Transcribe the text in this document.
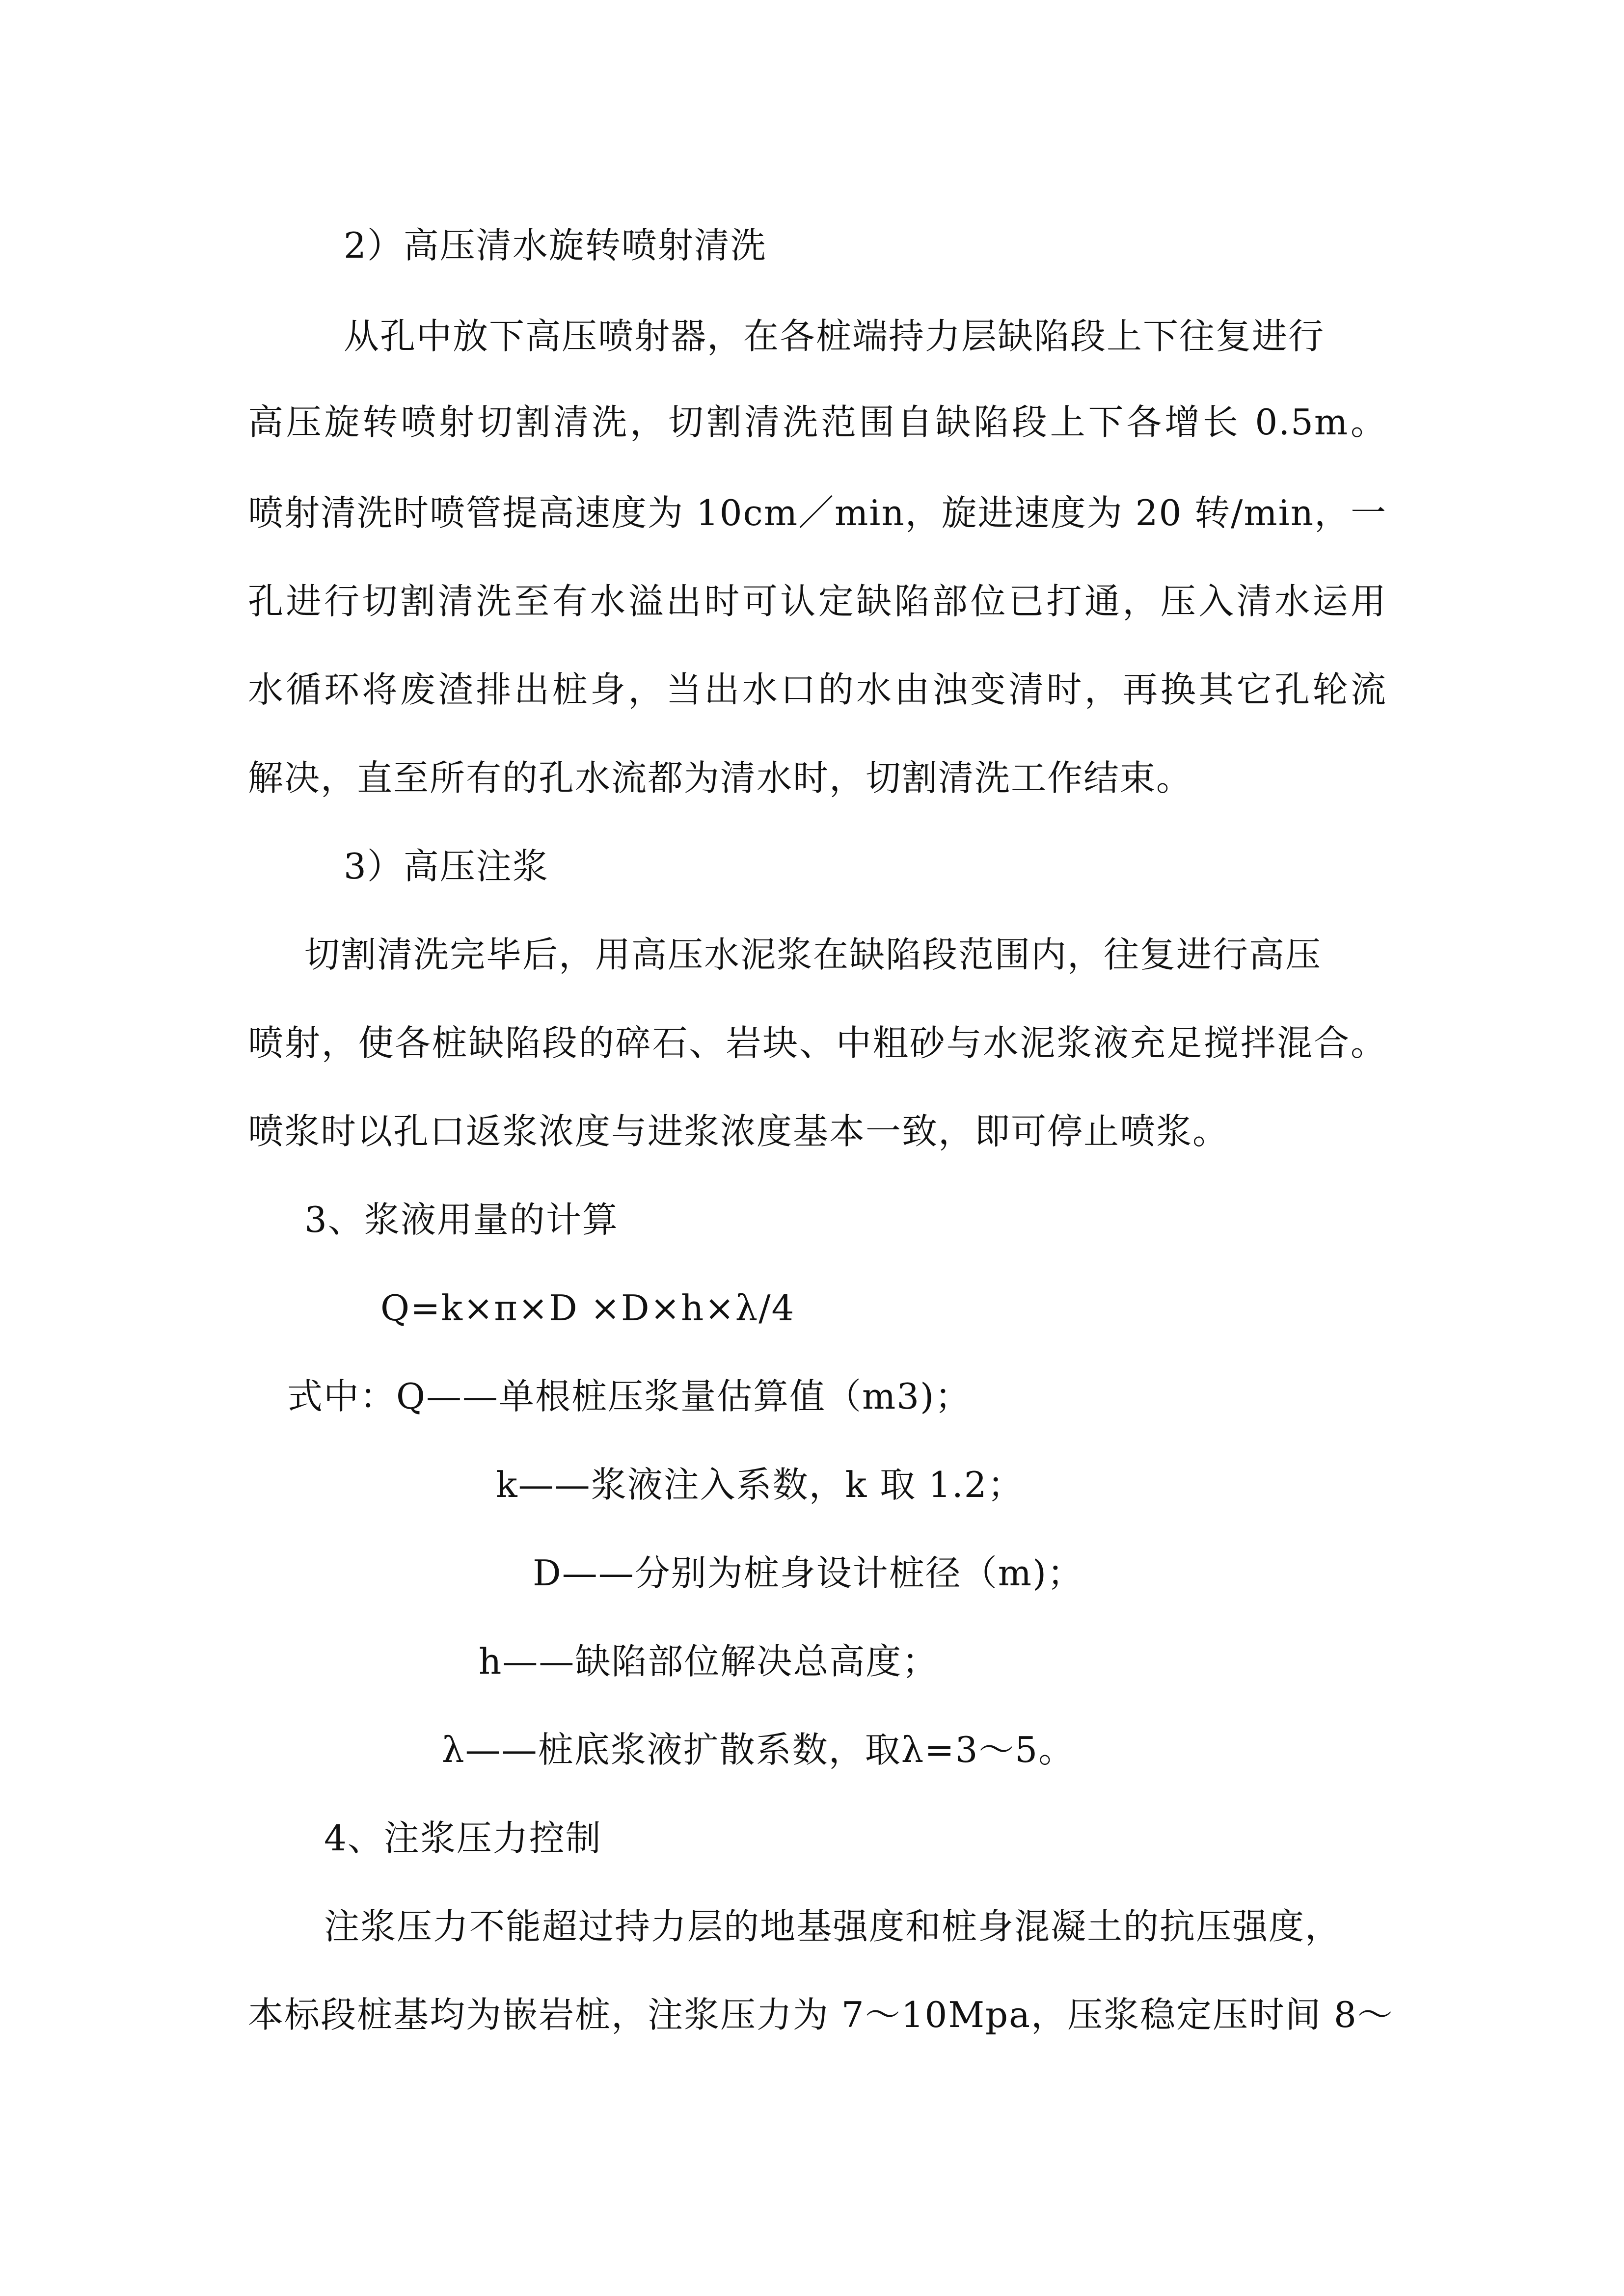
2）高压清水旋转喷射清洗
从孔中放下高压喷射器，在各桩端持力层缺陷段上下往复进行
高压旋转喷射切割清洗，切割清洗范围自缺陷段上下各增长 0.5m。
喷射清洗时喷管提高速度为 10cm／min，旋进速度为 20 转/min，一
孔进行切割清洗至有水溢出时可认定缺陷部位已打通，压入清水运用
水循环将废渣排出桩身，当出水口的水由浊变清时，再换其它孔轮流
解决，直至所有的孔水流都为清水时，切割清洗工作结束。
3）高压注浆
切割清洗完毕后，用高压水泥浆在缺陷段范围内，往复进行高压
喷射，使各桩缺陷段的碎石、岩块、中粗砂与水泥浆液充足搅拌混合。
喷浆时以孔口返浆浓度与进浆浓度基本一致，即可停止喷浆。
3、浆液用量的计算
Q=k×π×D ×D×h×λ/4
式中：Q——单根桩压浆量估算值（m3)；
k——浆液注入系数，k 取 1.2；
D——分别为桩身设计桩径（m)；
h——缺陷部位解决总高度；
λ——桩底浆液扩散系数，取λ=3～5。
4、注浆压力控制
注浆压力不能超过持力层的地基强度和桩身混凝土的抗压强度，
本标段桩基均为嵌岩桩，注浆压力为 7～10Mpa，压浆稳定压时间 8～
